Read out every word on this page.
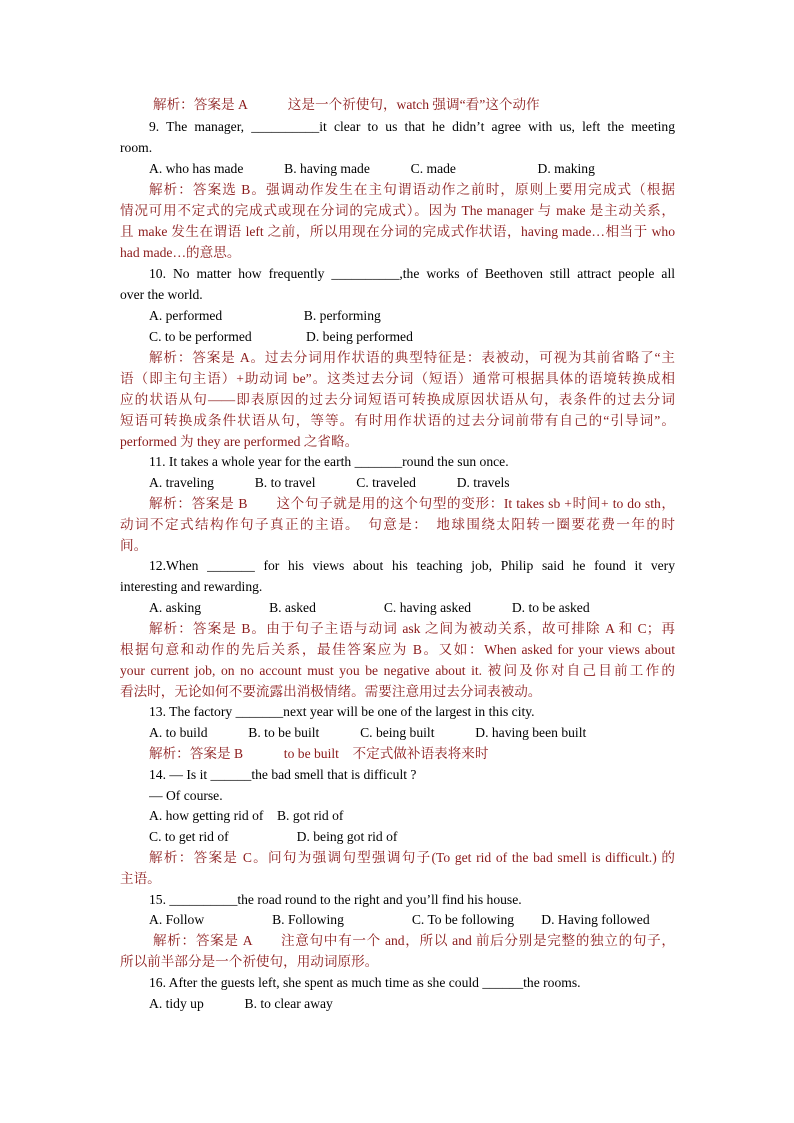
解析：答案是 A　　　这是一个祈使句，watch 强调“看”这个动作
9. The manager, __________it clear to us that he didn’t agree with us, left the meeting
room.
A. who has made　　　B. having made　　　C. made　　　　　　D. making
解析：答案选 B。强调动作发生在主句谓语动作之前时，原则上要用完成式（根据
情况可用不定式的完成式或现在分词的完成式）。因为 The manager 与 make 是主动关系，
且 make 发生在谓语 left 之前，所以用现在分词的完成式作状语，having made…相当于 who
had made…的意思。
10. No matter how frequently __________,the works of Beethoven still attract people all
over the world.
A. performed　　　　　　B. performing
C. to be performed　　　　D. being performed
解析：答案是 A。过去分词用作状语的典型特征是：表被动，可视为其前省略了“主
语（即主句主语）+助动词 be”。这类过去分词（短语）通常可根据具体的语境转换成相
应的状语从句——即表原因的过去分词短语可转换成原因状语从句，表条件的过去分词
短语可转换成条件状语从句，等等。有时用作状语的过去分词前带有自己的“引导词”。
performed 为 they are performed 之省略。
11. It takes a whole year for the earth _______round the sun once.
A. traveling　　　B. to travel　　　C. traveled　　　D. travels
解析：答案是 B　　这个句子就是用的这个句型的变形：It takes sb +时间+ to do sth，
动词不定式结构作句子真正的主语。　句意是：　地球围绕太阳转一圈要花费一年的时
间。
12.When _______ for his views about his teaching job, Philip said he found it very
interesting and rewarding.
A. asking　　　　　B. asked　　　　　C. having asked　　　D. to be asked
解析：答案是 B。由于句子主语与动词 ask 之间为被动关系，故可排除 A 和 C；再
根据句意和动作的先后关系，最佳答案应为 B。又如：When asked for your views about
your current job, on no account must you be negative about it. 被问及你对自己目前工作的
看法时，无论如何不要流露出消极情绪。需要注意用过去分词表被动。
13. The factory _______next year will be one of the largest in this city.
A. to build　　　B. to be built　　　C. being built　　　D. having been built
解析：答案是 B　　　to be built　不定式做补语表将来时
14. — Is it ______the bad smell that is difficult ?
— Of course.
A. how getting rid of　B. got rid of
C. to get rid of　　　　　D. being got rid of
解析：答案是 C。问句为强调句型强调句子(To get rid of the bad smell is difficult.) 的
主语。
15. __________the road round to the right and you’ll find his house.
A. Follow　　　　　B. Following　　　　　C. To be following　　D. Having followed
解析：答案是 A　　注意句中有一个 and，所以 and 前后分别是完整的独立的句子，
所以前半部分是一个祈使句，用动词原形。
16. After the guests left, she spent as much time as she could ______the rooms.
A. tidy up　　　B. to clear away
